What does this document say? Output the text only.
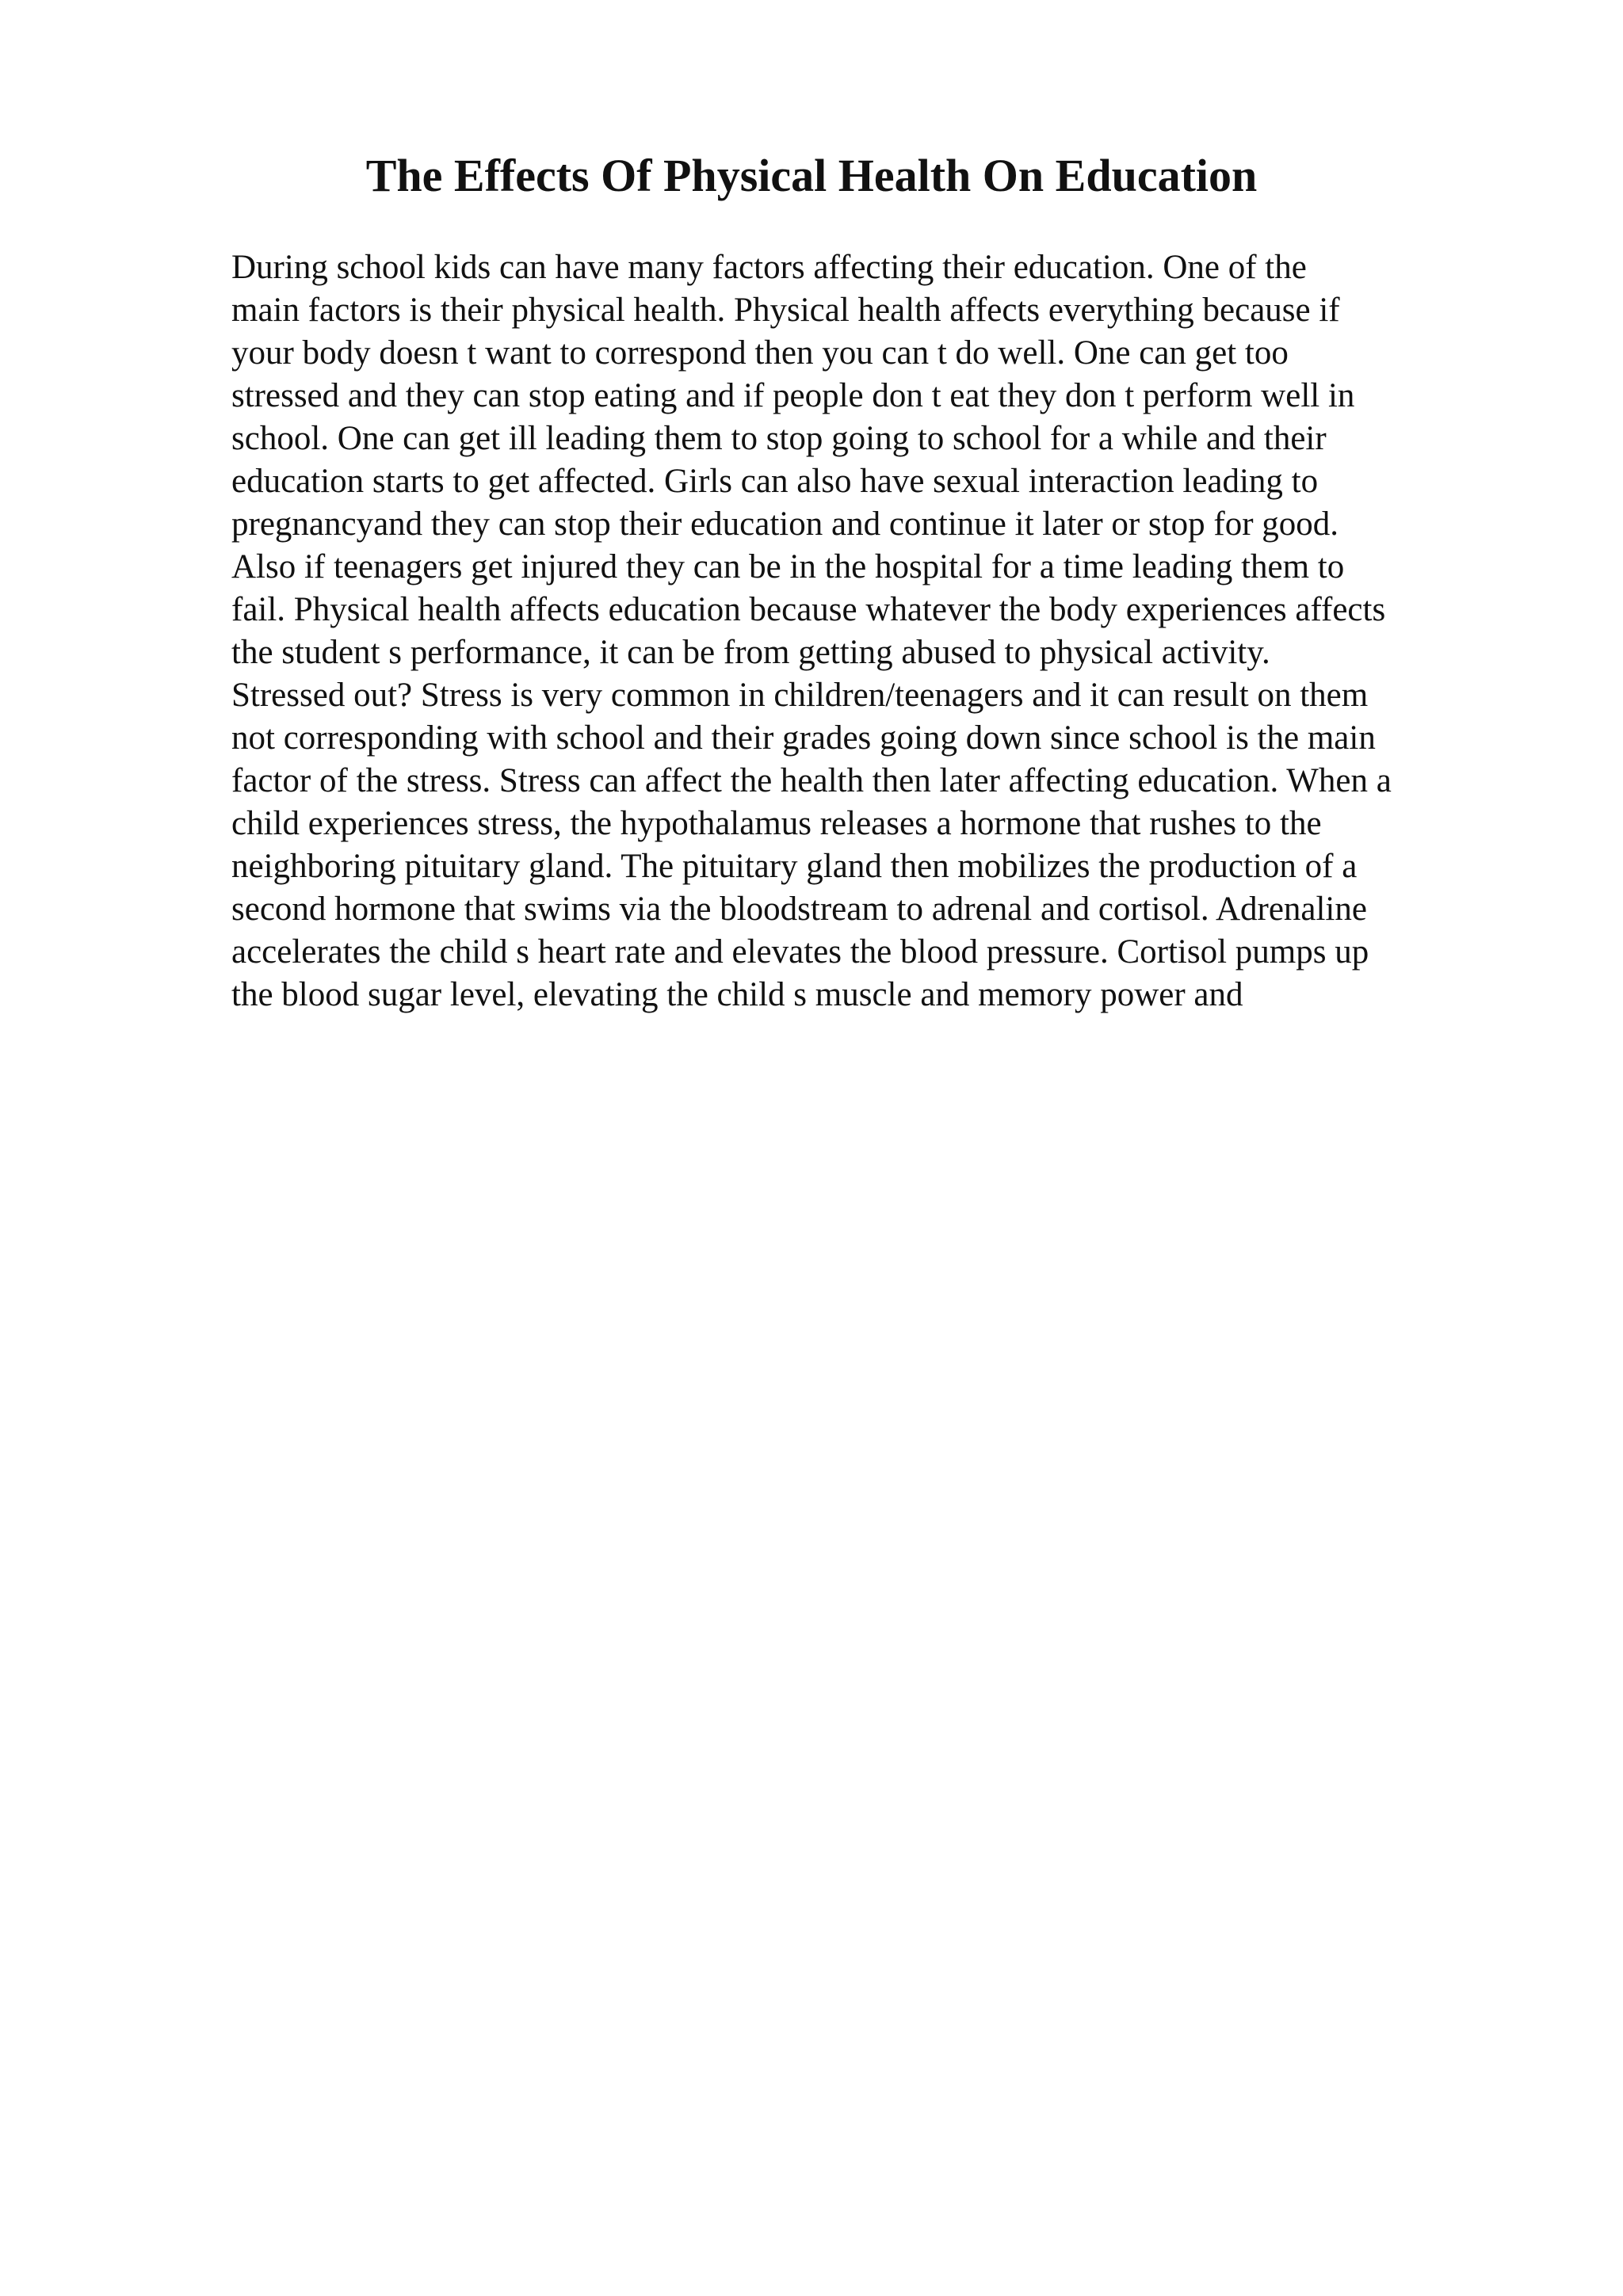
The Effects Of Physical Health On Education
During school kids can have many factors affecting their education. One of the
main factors is their physical health. Physical health affects everything because if
your body doesn t want to correspond then you can t do well. One can get too
stressed and they can stop eating and if people don t eat they don t perform well in
school. One can get ill leading them to stop going to school for a while and their
education starts to get affected. Girls can also have sexual interaction leading to
pregnancyand they can stop their education and continue it later or stop for good.
Also if teenagers get injured they can be in the hospital for a time leading them to
fail. Physical health affects education because whatever the body experiences affects
the student s performance, it can be from getting abused to physical activity.
Stressed out? Stress is very common in children/teenagers and it can result on them
not corresponding with school and their grades going down since school is the main
factor of the stress. Stress can affect the health then later affecting education. When a
child experiences stress, the hypothalamus releases a hormone that rushes to the
neighboring pituitary gland. The pituitary gland then mobilizes the production of a
second hormone that swims via the bloodstream to adrenal and cortisol. Adrenaline
accelerates the child s heart rate and elevates the blood pressure. Cortisol pumps up
the blood sugar level, elevating the child s muscle and memory power and
